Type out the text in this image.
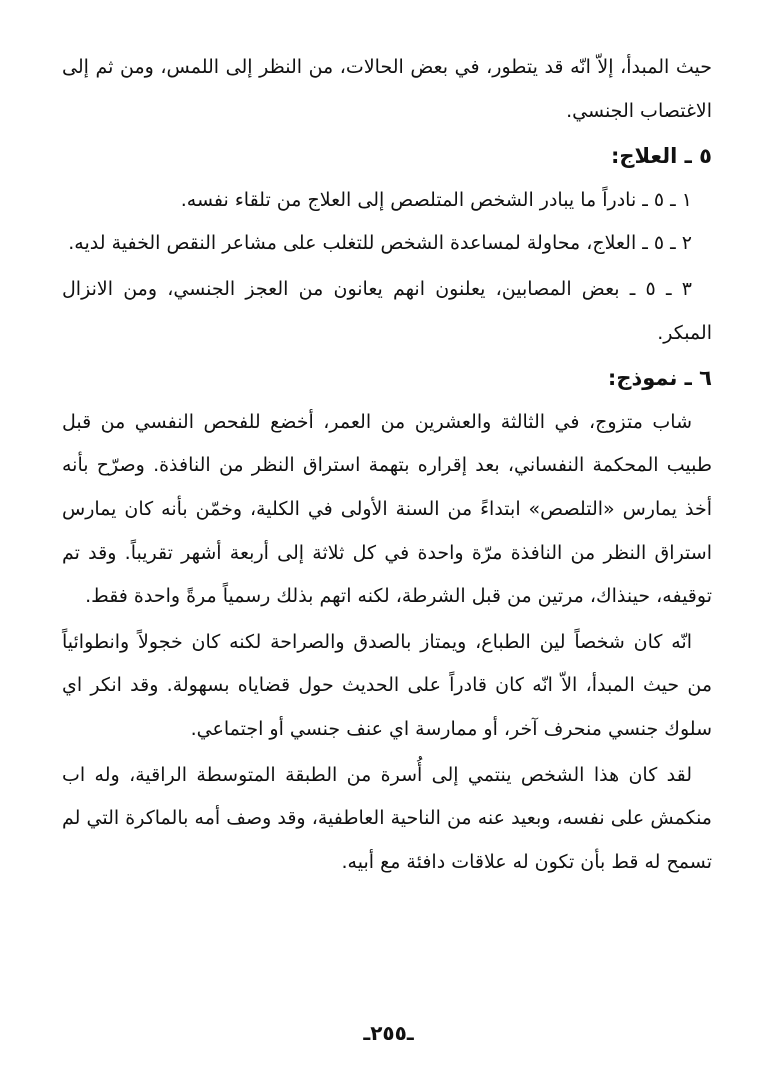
حيث المبدأ، إلاّ انّه قد يتطور، في بعض الحالات، من النظر إلى اللمس، ومن ثم إلى الاغتصاب الجنسي.

٥ ـ العلاج:

١ ـ ٥ ـ نادراً ما يبادر الشخص المتلصص إلى العلاج من تلقاء نفسه.

٢ ـ ٥ ـ العلاج، محاولة لمساعدة الشخص للتغلب على مشاعر النقص الخفية لديه.

٣ ـ ٥ ـ بعض المصابين، يعلنون انهم يعانون من العجز الجنسي، ومن الانزال المبكر.

٦ ـ نموذج:

شاب متزوج، في الثالثة والعشرين من العمر، أخضع للفحص النفسي من قبل طبيب المحكمة النفساني، بعد إقراره بتهمة استراق النظر من النافذة. وصرّح بأنه أخذ يمارس «التلصص» ابتداءً من السنة الأولى في الكلية، وخمّن بأنه كان يمارس استراق النظر من النافذة مرّة واحدة في كل ثلاثة إلى أربعة أشهر تقريباً. وقد تم توقيفه، حينذاك، مرتين من قبل الشرطة، لكنه اتهم بذلك رسمياً مرةً واحدة فقط.

انّه كان شخصاً لين الطباع، ويمتاز بالصدق والصراحة لكنه كان خجولاً وانطوائياً من حيث المبدأ، الاّ انّه كان قادراً على الحديث حول قضاياه بسهولة. وقد انكر اي سلوك جنسي منحرف آخر، أو ممارسة اي عنف جنسي أو اجتماعي.

لقد كان هذا الشخص ينتمي إلى أُسرة من الطبقة المتوسطة الراقية، وله اب منكمش على نفسه، وبعيد عنه من الناحية العاطفية، وقد وصف أمه بالماكرة التي لم تسمح له قط بأن تكون له علاقات دافئة مع أبيه.

ـ٢٥٥ـ
